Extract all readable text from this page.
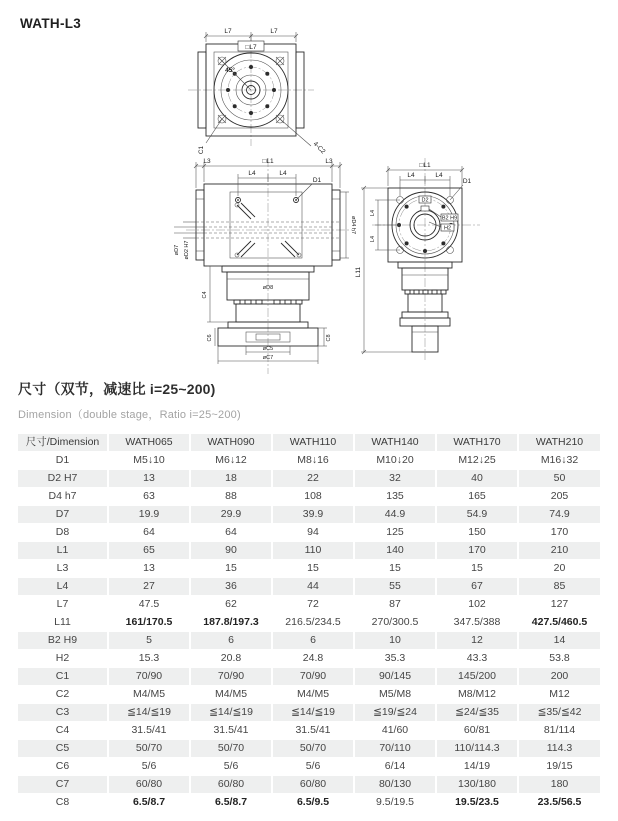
WATH-L3
L7	L7
□L7
45°
C1	4-C2
L3	□L1	L3
L4	L4
D1
øD7 øD2 H7
øD4 h7
øD8
øC5
øC7
C4
C6	C8
L11
D2
B2 H9
H2
□L1
L4	L4
D1
L4
L4
尺寸（双节，减速比 i=25~200)
Dimension（double stage，Ratio i=25~200)
尺寸/Dimension	WATH065	WATH090	WATH110	WATH140	WATH170	WATH210
D1	M5↓10	M6↓12	M8↓16	M10↓20	M12↓25	M16↓32
D2 H7	13	18	22	32	40	50
D4 h7	63	88	108	135	165	205
D7	19.9	29.9	39.9	44.9	54.9	74.9
D8	64	64	94	125	150	170
L1	65	90	110	140	170	210
L3	13	15	15	15	15	20
L4	27	36	44	55	67	85
L7	47.5	62	72	87	102	127
L11	161/170.5	187.8/197.3	216.5/234.5	270/300.5	347.5/388	427.5/460.5
B2 H9	5	6	6	10	12	14
H2	15.3	20.8	24.8	35.3	43.3	53.8
C1	70/90	70/90	70/90	90/145	145/200	200
C2	M4/M5	M4/M5	M4/M5	M5/M8	M8/M12	M12
C3	≦14/≦19	≦14/≦19	≦14/≦19	≦19/≦24	≦24/≦35	≦35/≦42
C4	31.5/41	31.5/41	31.5/41	41/60	60/81	81/114
C5	50/70	50/70	50/70	70/110	110/114.3	114.3
C6	5/6	5/6	5/6	6/14	14/19	19/15
C7	60/80	60/80	60/80	80/130	130/180	180
C8	6.5/8.7	6.5/8.7	6.5/9.5	9.5/19.5	19.5/23.5	23.5/56.5
